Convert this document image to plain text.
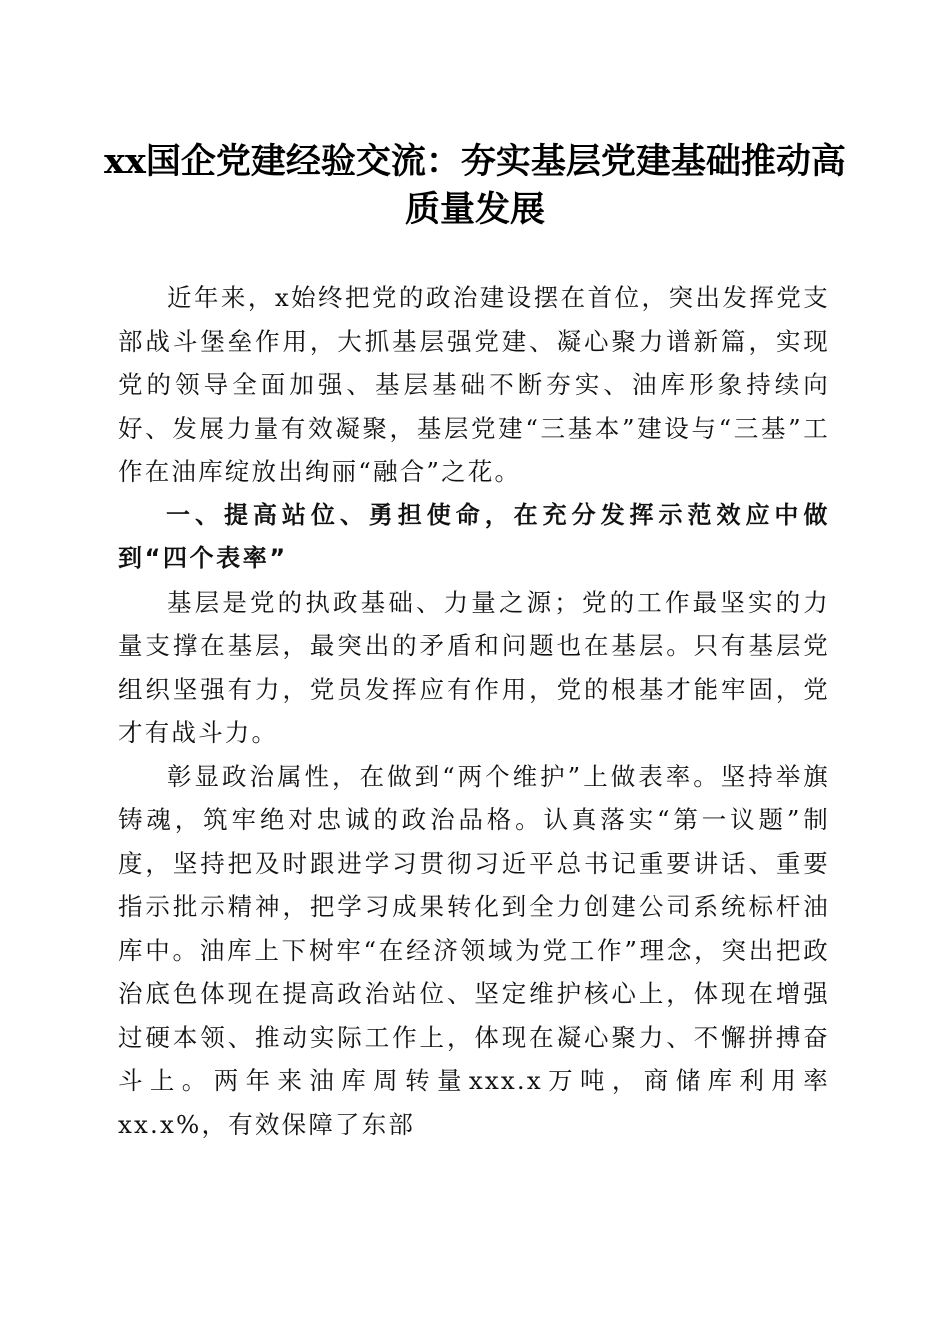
xx国企党建经验交流：夯实基层党建基础推动高质量发展

近年来，x始终把党的政治建设摆在首位，突出发挥党支部战斗堡垒作用，大抓基层强党建、凝心聚力谱新篇，实现党的领导全面加强、基层基础不断夯实、油库形象持续向好、发展力量有效凝聚，基层党建“三基本”建设与“三基”工作在油库绽放出绚丽“融合”之花。

一、提高站位、勇担使命，在充分发挥示范效应中做到“四个表率”

基层是党的执政基础、力量之源；党的工作最坚实的力量支撑在基层，最突出的矛盾和问题也在基层。只有基层党组织坚强有力，党员发挥应有作用，党的根基才能牢固，党才有战斗力。

彰显政治属性，在做到“两个维护”上做表率。坚持举旗铸魂，筑牢绝对忠诚的政治品格。认真落实“第一议题”制度，坚持把及时跟进学习贯彻习近平总书记重要讲话、重要指示批示精神，把学习成果转化到全力创建公司系统标杆油库中。油库上下树牢“在经济领域为党工作”理念，突出把政治底色体现在提高政治站位、坚定维护核心上，体现在增强过硬本领、推动实际工作上，体现在凝心聚力、不懈拼搏奋斗上。两年来油库周转量xxx.x万吨，商储库利用率xx.x%，有效保障了东部
